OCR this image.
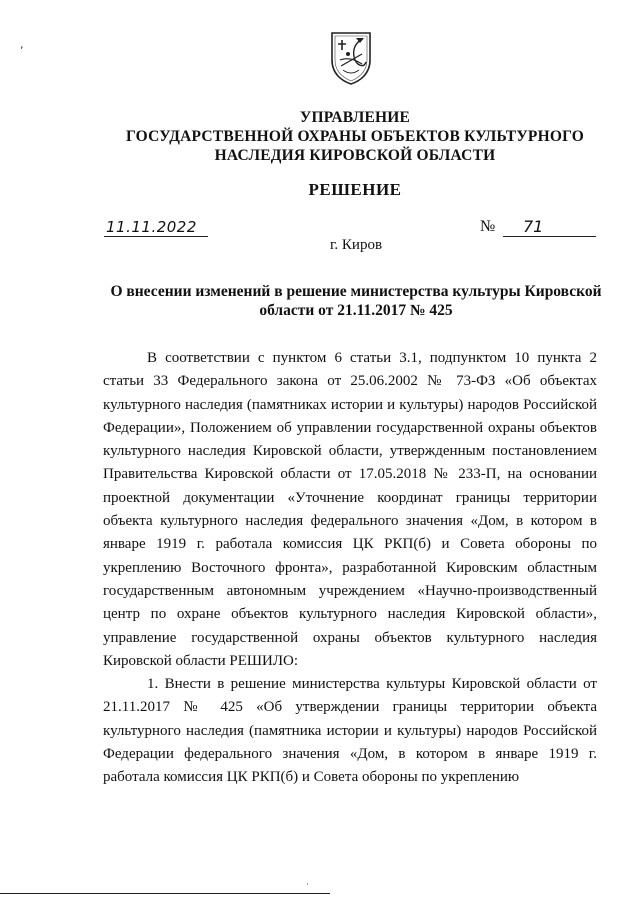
,
УПРАВЛЕНИЕ
ГОСУДАРСТВЕННОЙ ОХРАНЫ ОБЪЕКТОВ КУЛЬТУРНОГО
НАСЛЕДИЯ КИРОВСКОЙ ОБЛАСТИ
РЕШЕНИЕ
11.11.2022	№	71
г. Киров
О внесении изменений в решение министерства культуры Кировской области от 21.11.2017 № 425

В соответствии с пунктом 6 статьи 3.1, подпунктом 10 пункта 2 статьи 33 Федерального закона от 25.06.2002 № 73-ФЗ «Об объектах культурного наследия (памятниках истории и культуры) народов Российской Федерации», Положением об управлении государственной охраны объектов культурного наследия Кировской области, утвержденным постановлением Правительства Кировской области от 17.05.2018 № 233-П, на основании проектной документации «Уточнение координат границы территории объекта культурного наследия федерального значения «Дом, в котором в январе 1919 г. работала комиссия ЦК РКП(б) и Совета обороны по укреплению Восточного фронта», разработанной Кировским областным государственным автономным учреждением «Научно-производственный центр по охране объектов культурного наследия Кировской области», управление государственной охраны объектов культурного наследия Кировской области РЕШИЛО:

1. Внести в решение министерства культуры Кировской области от 21.11.2017 № 425 «Об утверждении границы территории объекта культурного наследия (памятника истории и культуры) народов Российской Федерации федерального значения «Дом, в котором в январе 1919 г. работала комиссия ЦК РКП(б) и Совета обороны по укреплению

·
